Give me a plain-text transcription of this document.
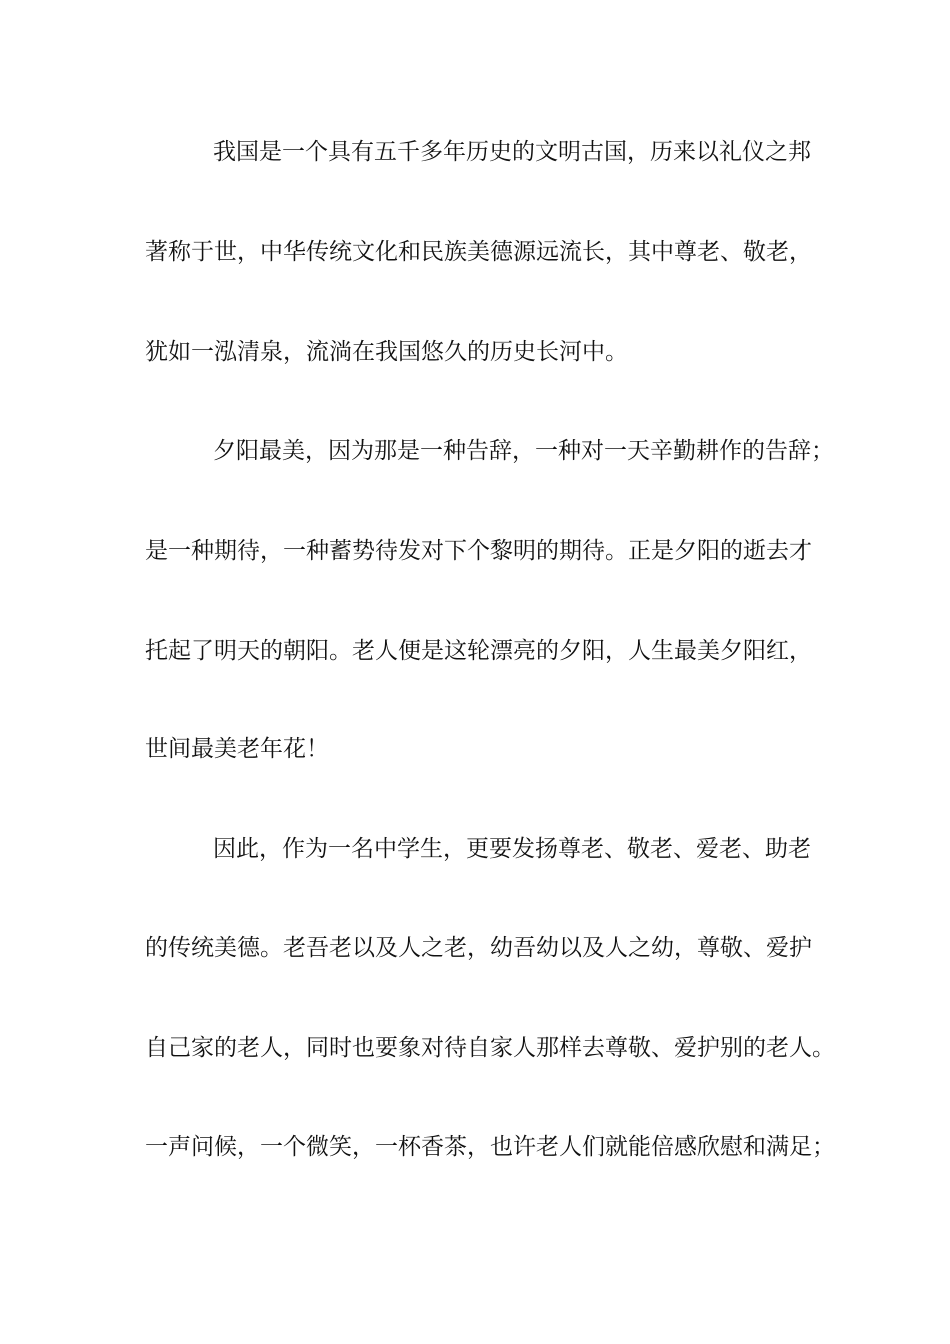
我国是一个具有五千多年历史的文明古国，历来以礼仪之邦
著称于世，中华传统文化和民族美德源远流长，其中尊老、敬老，
犹如一泓清泉，流淌在我国悠久的历史长河中。
夕阳最美，因为那是一种告辞，一种对一天辛勤耕作的告辞；
是一种期待，一种蓄势待发对下个黎明的期待。正是夕阳的逝去才
托起了明天的朝阳。老人便是这轮漂亮的夕阳，人生最美夕阳红，
世间最美老年花！
因此，作为一名中学生，更要发扬尊老、敬老、爱老、助老
的传统美德。老吾老以及人之老，幼吾幼以及人之幼，尊敬、爱护
自己家的老人，同时也要象对待自家人那样去尊敬、爱护别的老人。
一声问候，一个微笑，一杯香茶，也许老人们就能倍感欣慰和满足；
